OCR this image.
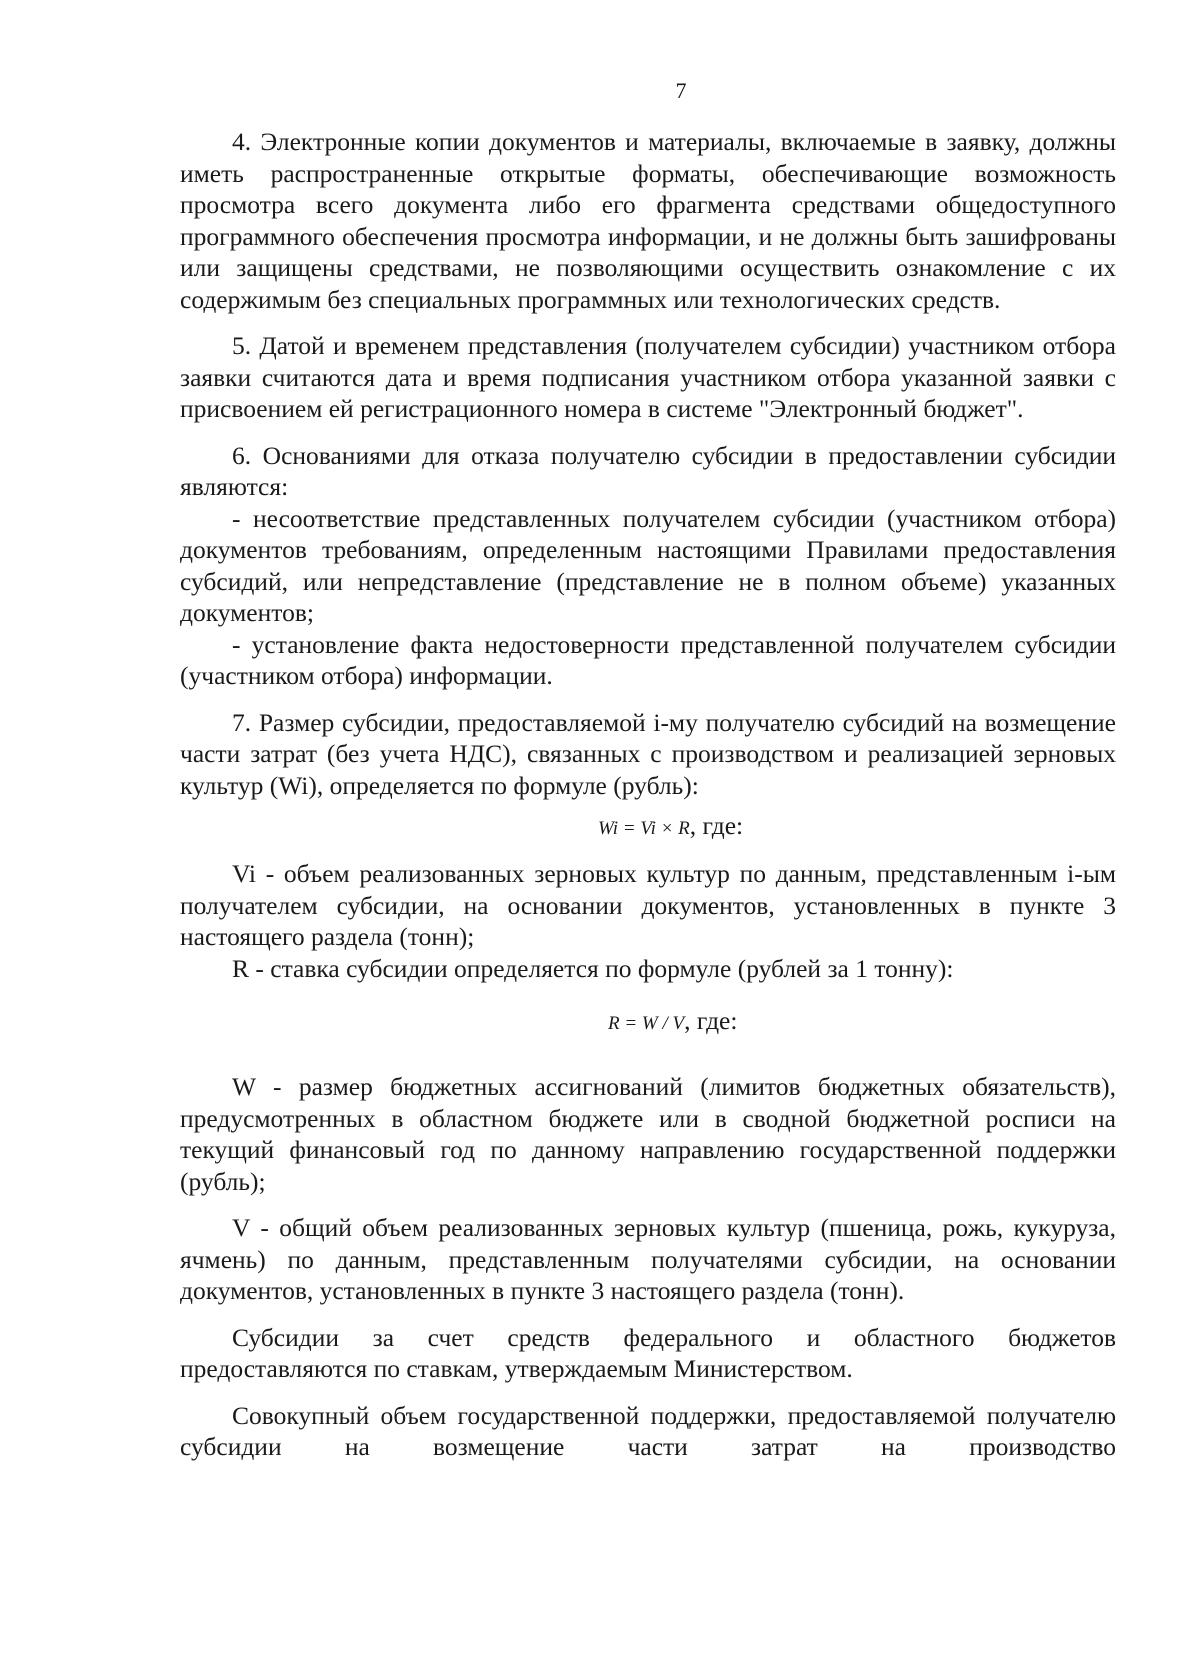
7

4. Электронные копии документов и материалы, включаемые в заявку, должны иметь распространенные открытые форматы, обеспечивающие возможность просмотра всего документа либо его фрагмента средствами общедоступного программного обеспечения просмотра информации, и не должны быть зашифрованы или защищены средствами, не позволяющими осуществить ознакомление с их содержимым без специальных программных или технологических средств.

5. Датой и временем представления (получателем субсидии) участником отбора заявки считаются дата и время подписания участником отбора указанной заявки с присвоением ей регистрационного номера в системе "Электронный бюджет".

6. Основаниями для отказа получателю субсидии в предоставлении субсидии являются:

- несоответствие представленных получателем субсидии (участником отбора) документов требованиям, определенным настоящими Правилами предоставления субсидий, или непредставление (представление не в полном объеме) указанных документов;

- установление факта недостоверности представленной получателем субсидии (участником отбора) информации.

7. Размер субсидии, предоставляемой i-му получателю субсидий на возмещение части затрат (без учета НДС), связанных с производством и реализацией зерновых культур (Wi), определяется по формуле (рубль):

Wi = Vi × R, где:

Vi - объем реализованных зерновых культур по данным, представленным i-ым получателем субсидии, на основании документов, установленных в пункте 3 настоящего раздела (тонн);

R - ставка субсидии определяется по формуле (рублей за 1 тонну):

R = W / V, где:

W - размер бюджетных ассигнований (лимитов бюджетных обязательств), предусмотренных в областном бюджете или в сводной бюджетной росписи на текущий финансовый год по данному направлению государственной поддержки (рубль);

V - общий объем реализованных зерновых культур (пшеница, рожь, кукуруза, ячмень) по данным, представленным получателями субсидии, на основании документов, установленных в пункте 3 настоящего раздела (тонн).

Субсидии за счет средств федерального и областного бюджетов предоставляются по ставкам, утверждаемым Министерством.

Совокупный объем государственной поддержки, предоставляемой получателю субсидии на возмещение части затрат на производство
